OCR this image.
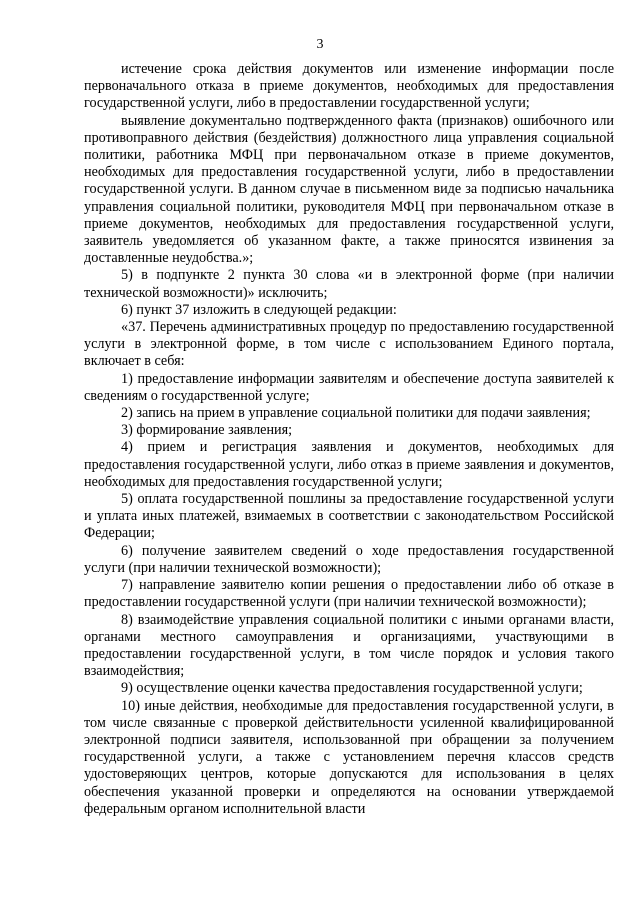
3

истечение срока действия документов или изменение информации после первоначального отказа в приеме документов, необходимых для предоставления государственной услуги, либо в предоставлении государственной услуги;

выявление документально подтвержденного факта (признаков) ошибочного или противоправного действия (бездействия) должностного лица управления социальной политики, работника МФЦ при первоначальном отказе в приеме документов, необходимых для предоставления государственной услуги, либо в предоставлении государственной услуги. В данном случае в письменном виде за подписью начальника управления социальной политики, руководителя МФЦ при первоначальном отказе в приеме документов, необходимых для предоставления государственной услуги, заявитель уведомляется об указанном факте, а также приносятся извинения за доставленные неудобства.»;

5) в подпункте 2 пункта 30 слова «и в электронной форме (при наличии технической возможности)» исключить;

6) пункт 37 изложить в следующей редакции:

«37. Перечень административных процедур по предоставлению государственной услуги в электронной форме, в том числе с использованием Единого портала, включает в себя:

1) предоставление информации заявителям и обеспечение доступа заявителей к сведениям о государственной услуге;

2) запись на прием в управление социальной политики для подачи заявления;

3) формирование заявления;

4) прием и регистрация заявления и документов, необходимых для предоставления государственной услуги, либо отказ в приеме заявления и документов, необходимых для предоставления государственной услуги;

5) оплата государственной пошлины за предоставление государственной услуги и уплата иных платежей, взимаемых в соответствии с законодательством Российской Федерации;

6) получение заявителем сведений о ходе предоставления государственной услуги (при наличии технической возможности);

7) направление заявителю копии решения о предоставлении либо об отказе в предоставлении государственной услуги (при наличии технической возможности);

8) взаимодействие управления социальной политики с иными органами власти, органами местного самоуправления и организациями, участвующими в предоставлении государственной услуги, в том числе порядок и условия такого взаимодействия;

9) осуществление оценки качества предоставления государственной услуги;

10) иные действия, необходимые для предоставления государственной услуги, в том числе связанные с проверкой действительности усиленной квалифицированной электронной подписи заявителя, использованной при обращении за получением государственной услуги, а также с установлением перечня классов средств удостоверяющих центров, которые допускаются для использования в целях обеспечения указанной проверки и определяются на основании утверждаемой федеральным органом исполнительной власти
